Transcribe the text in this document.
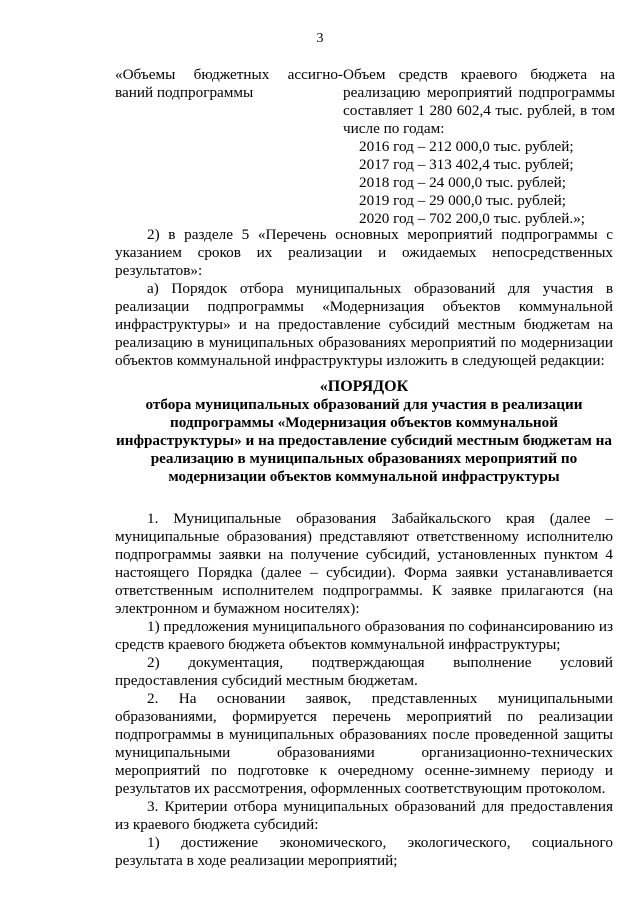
3
«Объемы бюджетных ассигно-ваний подпрограммы
Объем средств краевого бюджета на реализацию мероприятий подпрограммы составляет 1 280 602,4 тыс. рублей, в том числе по годам:
2016 год – 212 000,0 тыс. рублей;
2017 год – 313 402,4 тыс. рублей;
2018 год – 24 000,0 тыс. рублей;
2019 год – 29 000,0 тыс. рублей;
2020 год – 702 200,0 тыс. рублей.»;

2) в разделе 5 «Перечень основных мероприятий подпрограммы с указанием сроков их реализации и ожидаемых непосредственных результатов»:

а) Порядок отбора муниципальных образований для участия в реализации подпрограммы «Модернизация объектов коммунальной инфраструктуры» и на предоставление субсидий местным бюджетам на реализацию в муниципальных образованиях мероприятий по модернизации объектов коммунальной инфраструктуры изложить в следующей редакции:

«ПОРЯДОК
отбора муниципальных образований для участия в реализации подпрограммы «Модернизация объектов коммунальной инфраструктуры» и на предоставление субсидий местным бюджетам на реализацию в муниципальных образованиях мероприятий по модернизации объектов коммунальной инфраструктуры

1. Муниципальные образования Забайкальского края (далее – муниципальные образования) представляют ответственному исполнителю подпрограммы заявки на получение субсидий, установленных пунктом 4 настоящего Порядка (далее – субсидии). Форма заявки устанавливается ответственным исполнителем подпрограммы. К заявке прилагаются (на электронном и бумажном носителях):

1) предложения муниципального образования по софинансированию из средств краевого бюджета объектов коммунальной инфраструктуры;

2) документация, подтверждающая выполнение условий предоставления субсидий местным бюджетам.

2. На основании заявок, представленных муниципальными образованиями, формируется перечень мероприятий по реализации подпрограммы в муниципальных образованиях после проведенной защиты муниципальными образованиями организационно-технических мероприятий по подготовке к очередному осенне-зимнему периоду и результатов их рассмотрения, оформленных соответствующим протоколом.

3. Критерии отбора муниципальных образований для предоставления из краевого бюджета субсидий:

1) достижение экономического, экологического, социального результата в ходе реализации мероприятий;
